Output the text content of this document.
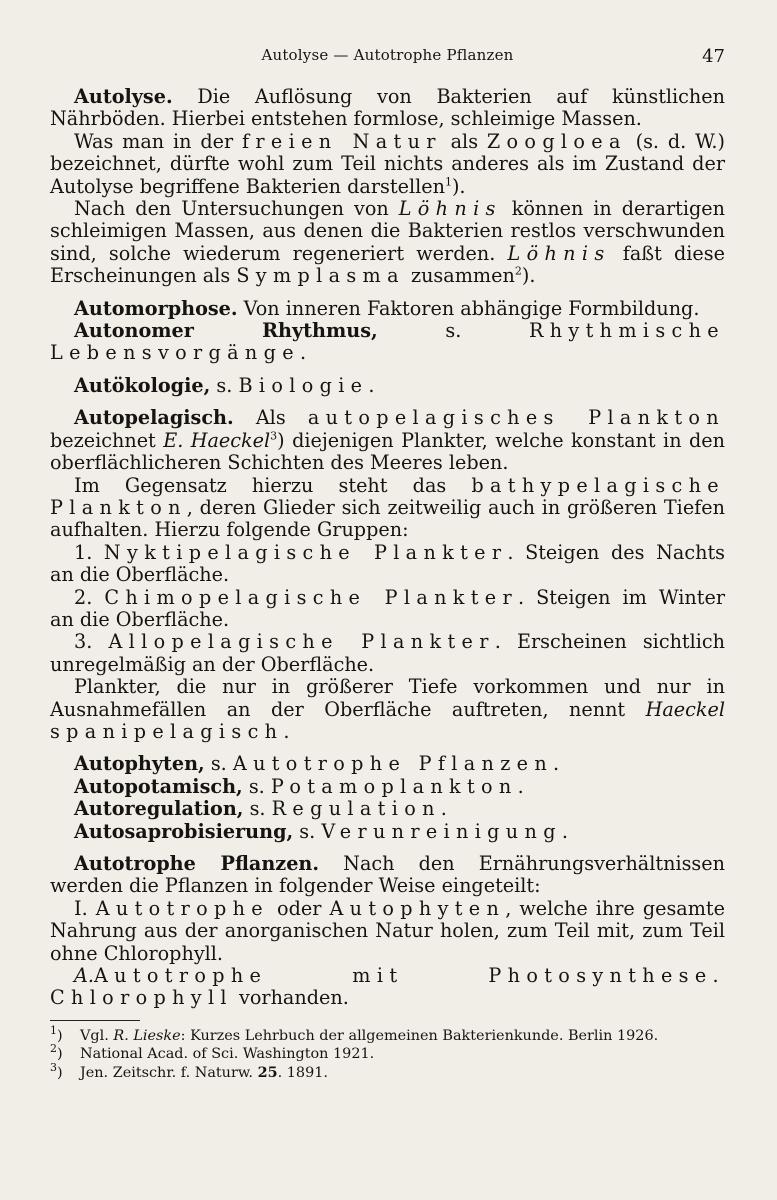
Autolyse — Autotrophe Pflanzen	47

Autolyse. Die Auflösung von Bakterien auf künstlichen Nährböden. Hierbei entstehen formlose, schleimige Massen.

Was man in der freien Natur als Zoogloea (s. d. W.) bezeichnet, dürfte wohl zum Teil nichts anderes als im Zustand der Autolyse begriffene Bakterien darstellen$^1$).

Nach den Untersuchungen von Löhnis können in derartigen schleimigen Massen, aus denen die Bakterien restlos verschwunden sind, solche wiederum regeneriert werden. Löhnis faßt diese Erscheinungen als Symplasma zusammen$^2$).

Automorphose. Von inneren Faktoren abhängige Formbildung.

Autonomer Rhythmus, s. Rhythmische Lebensvorgänge.

Autökologie, s. Biologie.

Autopelagisch. Als autopelagisches Plankton bezeichnet E. Haeckel$^3$) diejenigen Plankter, welche konstant in den oberflächlicheren Schichten des Meeres leben.

Im Gegensatz hierzu steht das bathypelagische Plankton, deren Glieder sich zeitweilig auch in größeren Tiefen aufhalten. Hierzu folgende Gruppen:

1. Nyktipelagische Plankter. Steigen des Nachts an die Oberfläche.

2. Chimopelagische Plankter. Steigen im Winter an die Oberfläche.

3. Allopelagische Plankter. Erscheinen sichtlich unregelmäßig an der Oberfläche.

Plankter, die nur in größerer Tiefe vorkommen und nur in Ausnahmefällen an der Oberfläche auftreten, nennt Haeckel spanipelagisch.

Autophyten, s. Autotrophe Pflanzen.

Autopotamisch, s. Potamoplankton.

Autoregulation, s. Regulation.

Autosaprobisierung, s. Verunreinigung.

Autotrophe Pflanzen. Nach den Ernährungsverhältnissen werden die Pflanzen in folgender Weise eingeteilt:

I. Autotrophe oder Autophyten, welche ihre gesamte Nahrung aus der anorganischen Natur holen, zum Teil mit, zum Teil ohne Chlorophyll.

A.Autotrophe mit Photosynthese. Chlorophyll vorhanden.

$^1$) Vgl. R. Lieske: Kurzes Lehrbuch der allgemeinen Bakterienkunde. Berlin 1926.

$^2$) National Acad. of Sci. Washington 1921.

$^3$) Jen. Zeitschr. f. Naturw. 25. 1891.
